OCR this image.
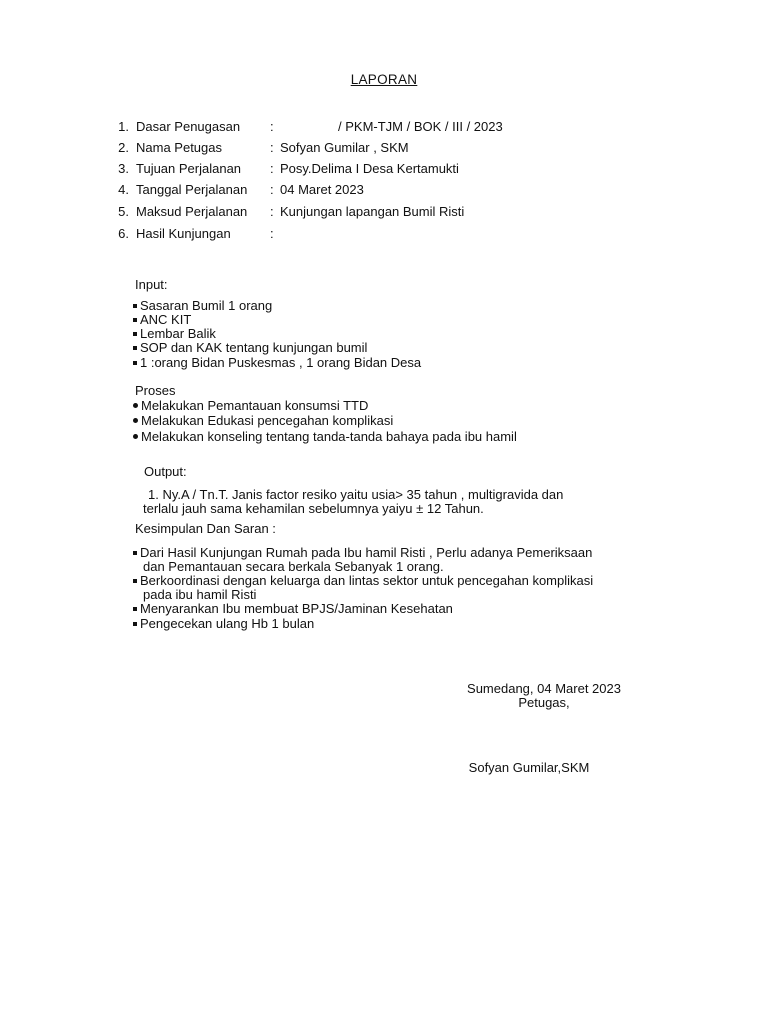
LAPORAN
1. Dasar Penugasan :	/ PKM-TJM / BOK / III / 2023
2. Nama Petugas	: Sofyan Gumilar , SKM
3. Tujuan Perjalanan : Posy.Delima I Desa Kertamukti
4. Tanggal Perjalanan : 04 Maret 2023
5. Maksud Perjalanan : Kunjungan lapangan Bumil Risti
6. Hasil Kunjungan	:
Input:
Sasaran Bumil 1 orang
ANC KIT
Lembar Balik
SOP dan KAK tentang kunjungan bumil
1 :orang Bidan Puskesmas , 1 orang Bidan Desa
Proses
Melakukan Pemantauan konsumsi TTD
Melakukan Edukasi pencegahan komplikasi
Melakukan konseling tentang tanda-tanda bahaya pada ibu hamil
Output:
1. Ny.A / Tn.T. Janis factor resiko yaitu usia> 35 tahun , multigravida dan
terlalu jauh sama kehamilan sebelumnya yaiyu ± 12 Tahun.
Kesimpulan Dan Saran :
Dari Hasil Kunjungan Rumah pada Ibu hamil Risti , Perlu adanya Pemeriksaan
dan Pemantauan secara berkala Sebanyak 1 orang.
Berkoordinasi dengan keluarga dan lintas sektor untuk pencegahan komplikasi
pada ibu hamil Risti
Menyarankan Ibu membuat BPJS/Jaminan Kesehatan
Pengecekan ulang Hb 1 bulan
Sumedang, 04 Maret 2023
Petugas,
Sofyan Gumilar,SKM
